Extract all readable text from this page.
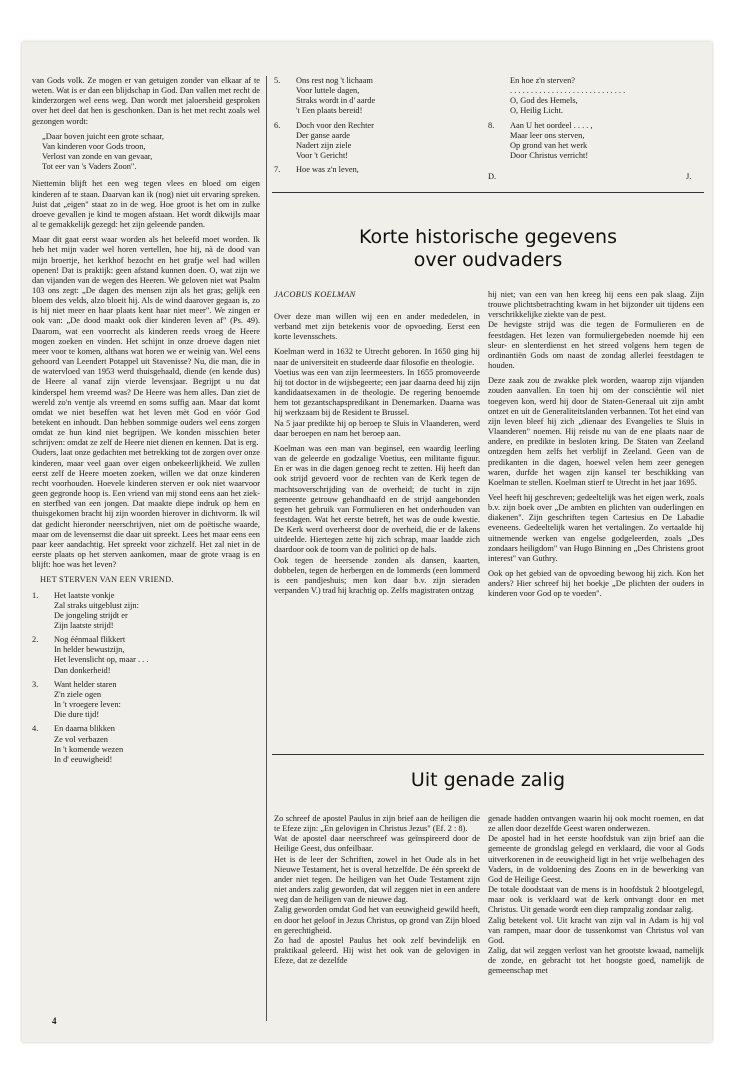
van Gods volk. Ze mogen er van getuigen zonder van elkaar af te weten. Wat is er dan een blijdschap in God. Dan vallen met recht de kinderzorgen wel eens weg. Dan wordt met jaloersheid gesproken over het deel dat hen is geschonken. Dan is het met recht zoals wel gezongen wordt:

„Daar boven juicht een grote schaar,
Van kinderen voor Gods troon,
Verlost van zonde en van gevaar,
Tot eer van 's Vaders Zoon".

Niettemin blijft het een weg tegen vlees en bloed om eigen kinderen af te staan. Daarvan kan ik (nog) niet uit ervaring spreken. Juist dat „eigen" staat zo in de weg. Hoe groot is het om in zulke droeve gevallen je kind te mogen afstaan. Het wordt dikwijls maar al te gemakkelijk gezegd: het zijn geleende panden.

Maar dit gaat eerst waar worden als het beleefd moet worden. Ik heb het mijn vader wel horen vertellen, hoe hij, nà de dood van mijn broertje, het kerkhof bezocht en het grafje wel had willen openen! Dat is praktijk: geen afstand kunnen doen. O, wat zijn we dan vijanden van de wegen des Heeren. We geloven niet wat Psalm 103 ons zegt: „De dagen des mensen zijn als het gras; gelijk een bloem des velds, alzo bloeit hij. Als de wind daarover gegaan is, zo is hij niet meer en haar plaats kent haar niet meer". We zingen er ook van: „De dood maakt ook dier kinderen leven af" (Ps. 49). Daarom, wat een voorrecht als kinderen reeds vroeg de Heere mogen zoeken en vinden. Het schijnt in onze droeve dagen niet meer voor te komen, althans wat horen we er weinig van. Wel eens gehoord van Leendert Potappel uit Stavenisse? Nu, die man, die in de watervloed van 1953 werd thuisgehaald, diende (en kende dus) de Heere al vanaf zijn vierde levensjaar. Begrijpt u nu dat kinderspel hem vreemd was? De Heere was hem alles. Dan ziet de wereld zo'n ventje als vreemd en soms suffig aan. Maar dat komt omdat we niet beseffen wat het leven mèt God en vóór God betekent en inhoudt. Dan hebben sommige ouders wel eens zorgen omdat ze hun kind niet begrijpen. We konden misschien beter schrijven: omdat ze zelf de Heere niet dienen en kennen. Dat is erg.

Ouders, laat onze gedachten met betrekking tot de zorgen over onze kinderen, maar veel gaan over eigen onbekeerlijkheid. We zullen eerst zelf de Heere moeten zoeken, willen we dat onze kinderen recht voorhouden. Hoevele kinderen sterven er ook niet waarvoor geen gegronde hoop is. Een vriend van mij stond eens aan het ziek- en sterfbed van een jongen. Dat maakte diepe indruk op hem en thuisgekomen bracht hij zijn woorden hierover in dichtvorm. Ik wil dat gedicht hieronder neerschrijven, niet om de poëtische waarde, maar om de levensernst die daar uit spreekt. Lees het maar eens een paar keer aandachtig. Het spreekt voor zichzelf. Het zal niet in de eerste plaats op het sterven aankomen, maar de grote vraag is en blijft: hoe was het leven?

HET STERVEN VAN EEN VRIEND.
1. Het laatste vonkje
Zal straks uitgeblust zijn:
De jongeling strijdt er
Zijn laatste strijd!
2. Nog éénmaal flikkert
In helder bewustzijn,
Het levenslicht op, maar . . .
Dan donkerheid!
3. Want helder staren
Z'n ziele ogen
In 't vroegere leven:
Die dure tijd!
4. En daarna blikken
Ze vol verbazen
In 't komende wezen
In d' eeuwigheid!
4
5. Ons rest nog 't lichaam
Voor luttele dagen,
Straks wordt in d' aarde
't Een plaats bereid!
6. Doch voor den Rechter
Der ganse aarde
Nadert zijn ziele
Voor 't Gericht!
7. Hoe was z'n leven,
En hoe z'n sterven?
. . . . . . . . . . . . . . . . . . . . . . . . . . . .
O, God des Hemels,
O, Heilig Licht.
8. Aan U het oordeel . . . . ,
Maar leer ons sterven,
Op grond van het werk
Door Christus verricht!
D.	J.
Korte historische gegevens
over oudvaders
JACOBUS KOELMAN

Over deze man willen wij een en ander mededelen, in verband met zijn betekenis voor de opvoeding. Eerst een korte levensschets.

Koelman werd in 1632 te Utrecht geboren. In 1650 ging hij naar de universiteit en studeerde daar filosofie en theologie.

Voetius was een van zijn leermeesters. In 1655 promoveerde hij tot doctor in de wijsbegeerte; een jaar daarna deed hij zijn kandidaatsexamen in de theologie. De regering benoemde hem tot gezantschapspredikant in Denemarken. Daarna was hij werkzaam bij de Resident te Brussel.

Na 5 jaar predikte hij op beroep te Sluis in Vlaanderen, werd daar beroepen en nam het beroep aan.

Koelman was een man van beginsel, een waardig leerling van de geleerde en godzalige Voetius, een militante figuur. En er was in die dagen genoeg recht te zetten. Hij heeft dan ook strijd gevoerd voor de rechten van de Kerk tegen de machtsoverschrijding van de overheid; de tucht in zijn gemeente getrouw gehandhaafd en de strijd aangebonden tegen het gebruik van Formulieren en het onderhouden van feestdagen. Wat het eerste betreft, het was de oude kwestie. De Kerk werd overheerst door de overheid, die er de lakens uitdeelde. Hiertegen zette hij zich schrap, maar laadde zich daardoor ook de toorn van de politici op de hals.

Ook tegen de heersende zonden als dansen, kaarten, dobbelen, tegen de herbergen en de lommerds (een lommerd is een pandjeshuis; men kon daar b.v. zijn sieraden verpanden V.) trad hij krachtig op. Zelfs magistraten ontzag

hij niet; van een van hen kreeg hij eens een pak slaag. Zijn trouwe plichtsbetrachting kwam in het bijzonder uit tijdens een verschrikkelijke ziekte van de pest.

De hevigste strijd was die tegen de Formulieren en de feestdagen. Het lezen van formuliergebeden noemde hij een sleur- en slenterdienst en het streed volgens hem tegen de ordinantiën Gods om naast de zondag allerlei feestdagen te houden.

Deze zaak zou de zwakke plek worden, waarop zijn vijanden zouden aanvallen. En toen hij om der consciëntie wil niet toegeven kon, werd hij door de Staten-Generaal uit zijn ambt ontzet en uit de Generaliteitslanden verbannen. Tot het eind van zijn leven bleef hij zich „dienaar des Evangelies te Sluis in Vlaanderen" noemen. Hij reisde nu van de ene plaats naar de andere, en predikte in besloten kring. De Staten van Zeeland ontzegden hem zelfs het verblijf in Zeeland. Geen van de predikanten in die dagen, hoewel velen hem zeer genegen waren, durfde het wagen zijn kansel ter beschikking van Koelman te stellen. Koelman stierf te Utrecht in het jaar 1695.

Veel heeft hij geschreven; gedeeltelijk was het eigen werk, zoals b.v. zijn boek over „De ambten en plichten van ouderlingen en diakenen". Zijn geschriften tegen Cartesius en De Labadie eveneens. Gedeeltelijk waren het vertalingen. Zo vertaalde hij uitnemende werken van engelse godgeleerden, zoals „Des zondaars heiligdom" van Hugo Binning en „Des Christens groot interest" van Guthry.

Ook op het gebied van de opvoeding bewoog hij zich. Kon het anders? Hier schreef hij het boekje „De plichten der ouders in kinderen voor God op te voeden".

Uit genade zalig

Zo schreef de apostel Paulus in zijn brief aan de heiligen die te Efeze zijn: „En gelovigen in Christus Jezus" (Ef. 2 : 8).

Wat de apostel daar neerschreef was geïnspireerd door de Heilige Geest, dus onfeilbaar.

Het is de leer der Schriften, zowel in het Oude als in het Nieuwe Testament, het is overal hetzelfde. De één spreekt de ander niet tegen. De heiligen van het Oude Testament zijn niet anders zalig geworden, dat wil zeggen niet in een andere weg dan de heiligen van de nieuwe dag.

Zalig geworden omdat God het van eeuwigheid gewild heeft, en door het geloof in Jezus Christus, op grond van Zijn bloed en gerechtigheid.

Zo had de apostel Paulus het ook zelf bevindelijk en praktikaal geleerd. Hij wist het ook van de gelovigen in Efeze, dat ze dezelfde

genade hadden ontvangen waarin hij ook mocht roemen, en dat ze allen door dezelfde Geest waren onderwezen.

De apostel had in het eerste hoofdstuk van zijn brief aan die gemeente de grondslag gelegd en verklaard, die voor al Gods uitverkorenen in de eeuwigheid ligt in het vrije welbehagen des Vaders, in de voldoening des Zoons en in de bewerking van God de Heilige Geest.

De totale doodstaat van de mens is in hoofdstuk 2 blootgelegd, maar ook is verklaard wat de kerk ontvangt door en met Christus. Uit genade wordt een diep rampzalig zondaar zalig.

Zalig betekent vol. Uit kracht van zijn val in Adam is hij vol van rampen, maar door de tussenkomst van Christus vol van God.

Zalig, dat wil zeggen verlost van het grootste kwaad, namelijk de zonde, en gebracht tot het hoogste goed, namelijk de gemeenschap met
